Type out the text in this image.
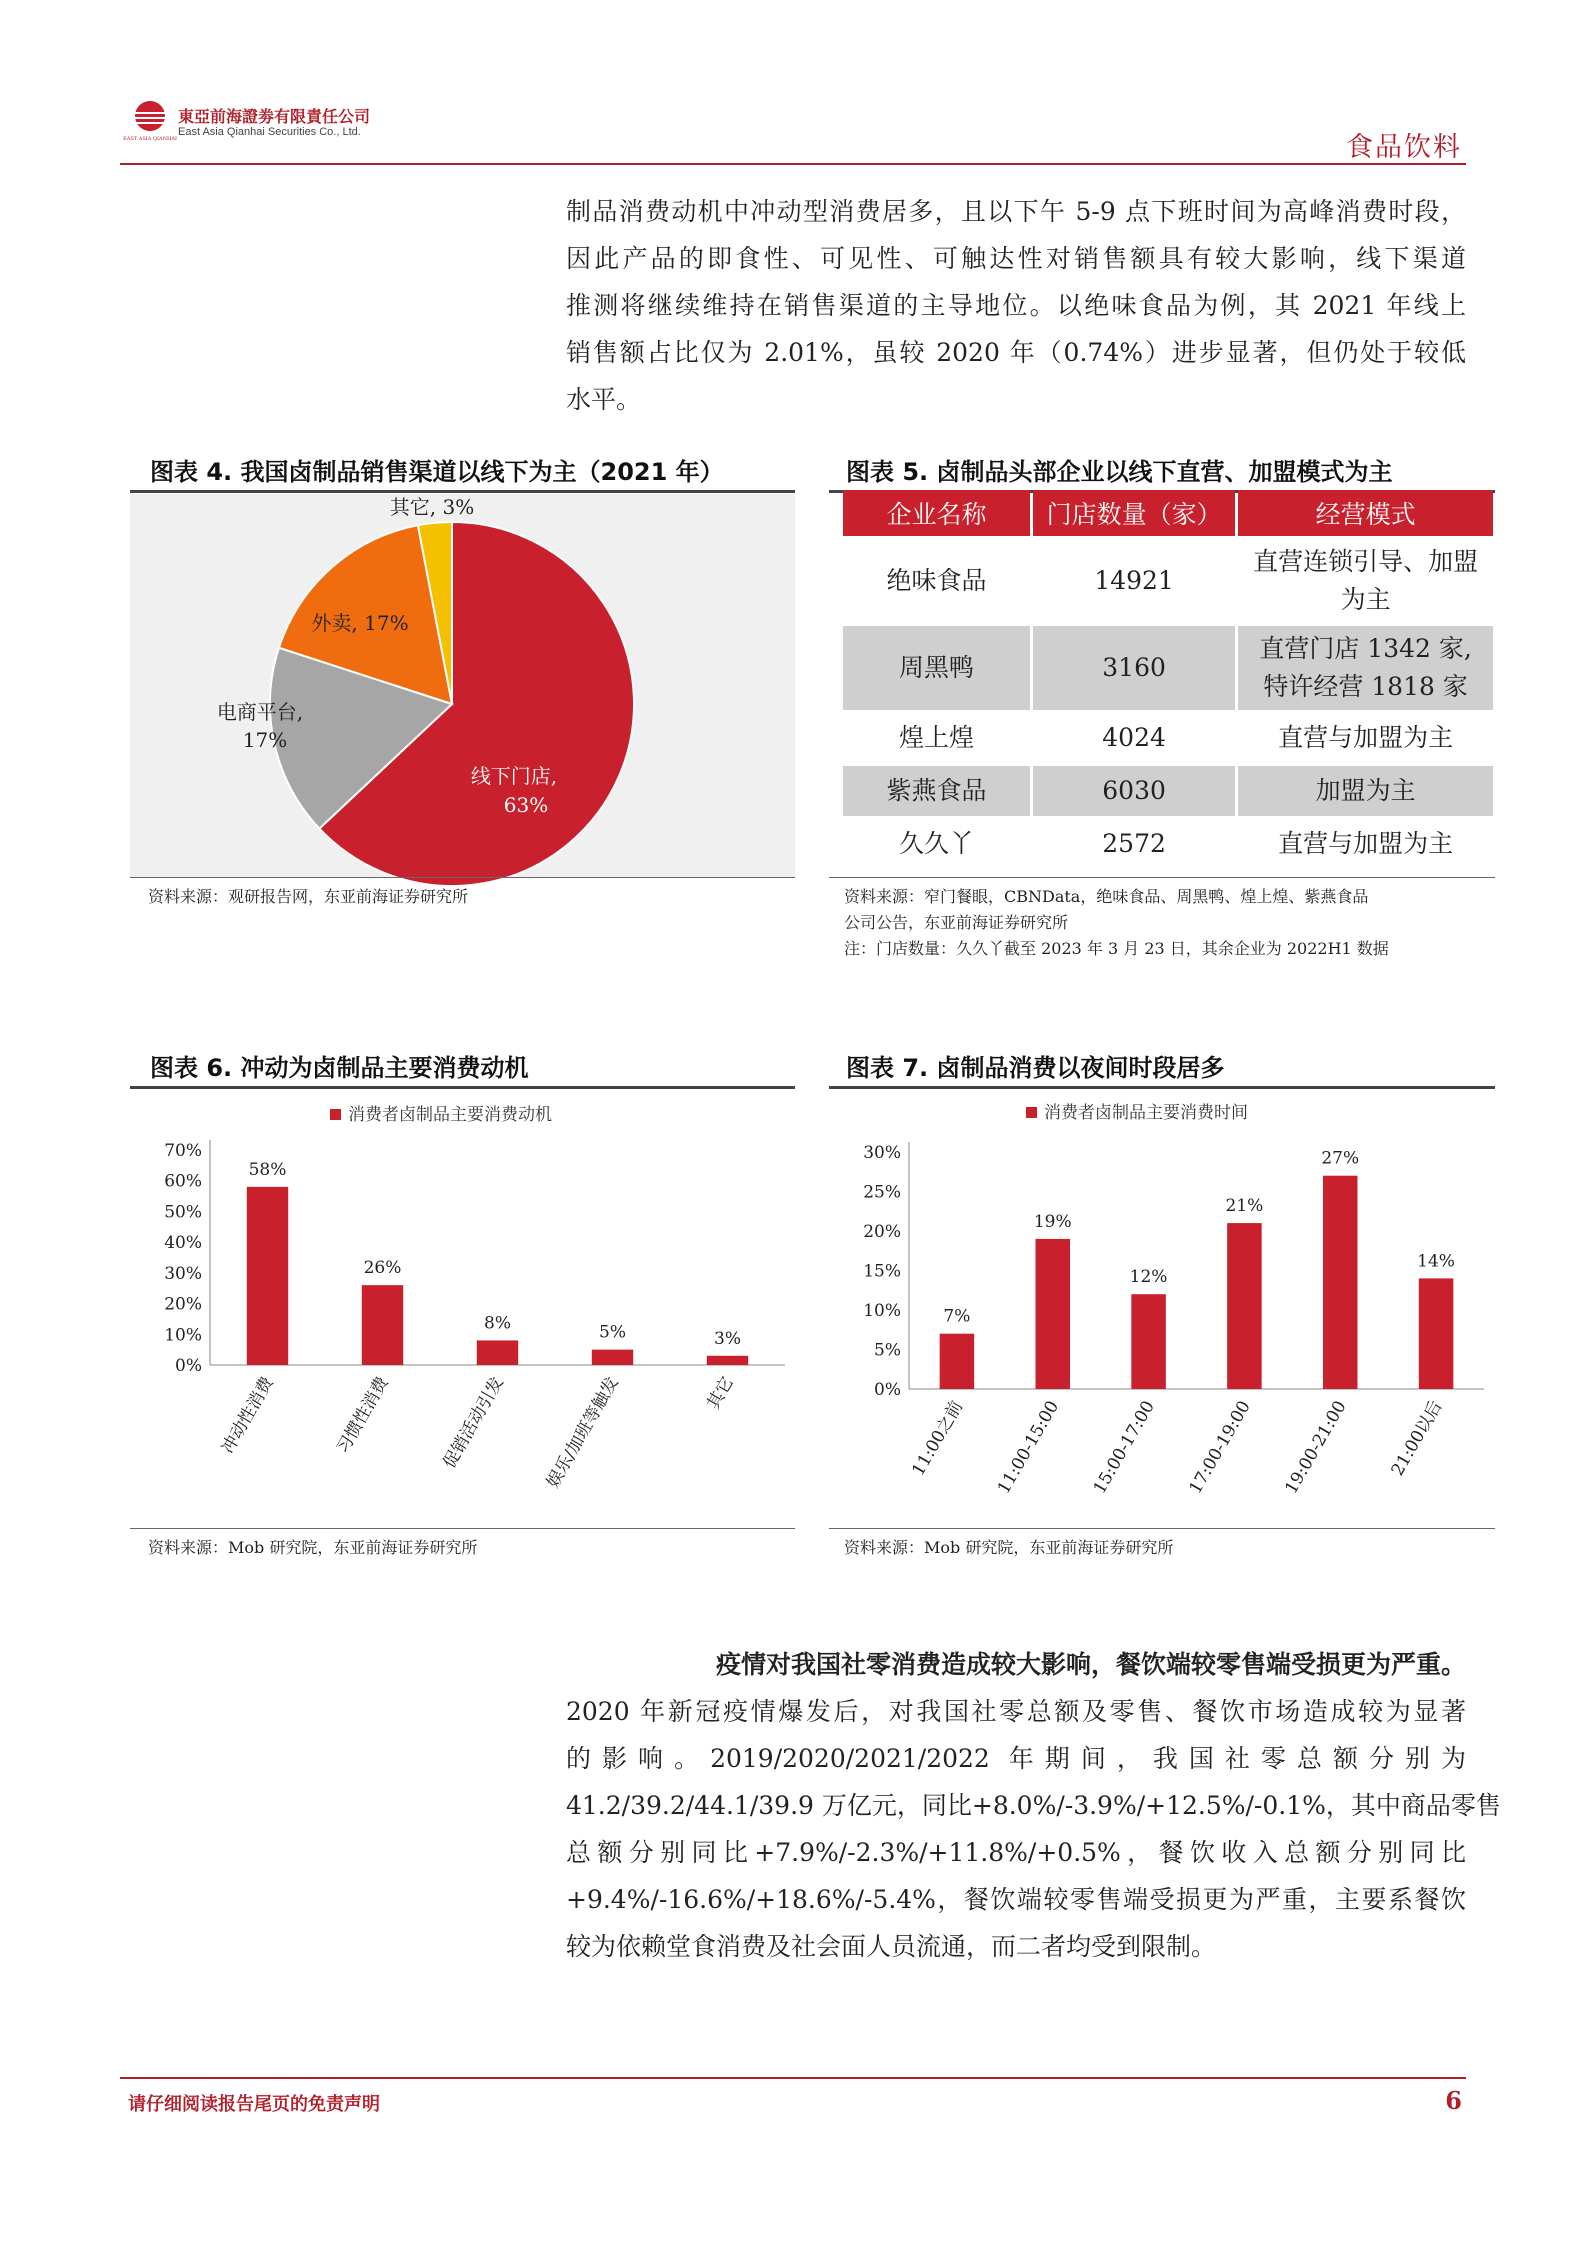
EAST ASIA QIANHAI
東亞前海證劵有限責任公司
East Asia Qianhai Securities Co., Ltd.	食品饮料
制品消费动机中冲动型消费居多，且以下午 5-9 点下班时间为高峰消费时段，
因此产品的即食性、可见性、可触达性对销售额具有较大影响，线下渠道
推测将继续维持在销售渠道的主导地位。以绝味食品为例，其 2021 年线上
销售额占比仅为 2.01%，虽较 2020 年（0.74%）进步显著，但仍处于较低
水平。
图表 4. 我国卤制品销售渠道以线下为主（2021 年）
线下门店,
63%
电商平台,
17%
外卖, 17%
其它, 3%
资料来源：观研报告网，东亚前海证券研究所
图表 5. 卤制品头部企业以线下直营、加盟模式为主
企业名称	门店数量（家）	经营模式
绝味食品	14921	直营连锁引导、加盟
为主

周黑鸭	3160	直营门店 1342 家,
特许经营 1818 家

煌上煌	4024	直营与加盟为主
紫燕食品	6030	加盟为主
久久丫	2572	直营与加盟为主
资料来源：窄门餐眼，CBNData，绝味食品、周黑鸭、煌上煌、紫燕食品
公司公告，东亚前海证券研究所
注：门店数量：久久丫截至 2023 年 3 月 23 日，其余企业为 2022H1 数据
图表 6. 冲动为卤制品主要消费动机
消费者卤制品主要消费动机
0%
10%
20%
30%
40%
50%
60%
70%
58%
冲动性消费
26%
习惯性消费
8%
促销活动引发
5%
娱乐/加班等触发
3%
其它
资料来源：Mob 研究院，东亚前海证券研究所
图表 7. 卤制品消费以夜间时段居多
消费者卤制品主要消费时间
0%
5%
10%
15%
20%
25%
30%
7%
11:00之前
19%
11:00-15:00
12%
15:00-17:00
21%
17:00-19:00
27%
19:00-21:00
14%
21:00以后
资料来源：Mob 研究院，东亚前海证券研究所
疫情对我国社零消费造成较大影响，餐饮端较零售端受损更为严重。
2020 年新冠疫情爆发后，对我国社零总额及零售、餐饮市场造成较为显著
的影响。2019/2020/2021/2022 年期间，我国社零总额分别为
41.2/39.2/44.1/39.9 万亿元，同比+8.0%/-3.9%/+12.5%/-0.1%，其中商品零售
总额分别同比+7.9%/-2.3%/+11.8%/+0.5%，餐饮收入总额分别同比
+9.4%/-16.6%/+18.6%/-5.4%，餐饮端较零售端受损更为严重，主要系餐饮
较为依赖堂食消费及社会面人员流通，而二者均受到限制。
请仔细阅读报告尾页的免责声明	6
